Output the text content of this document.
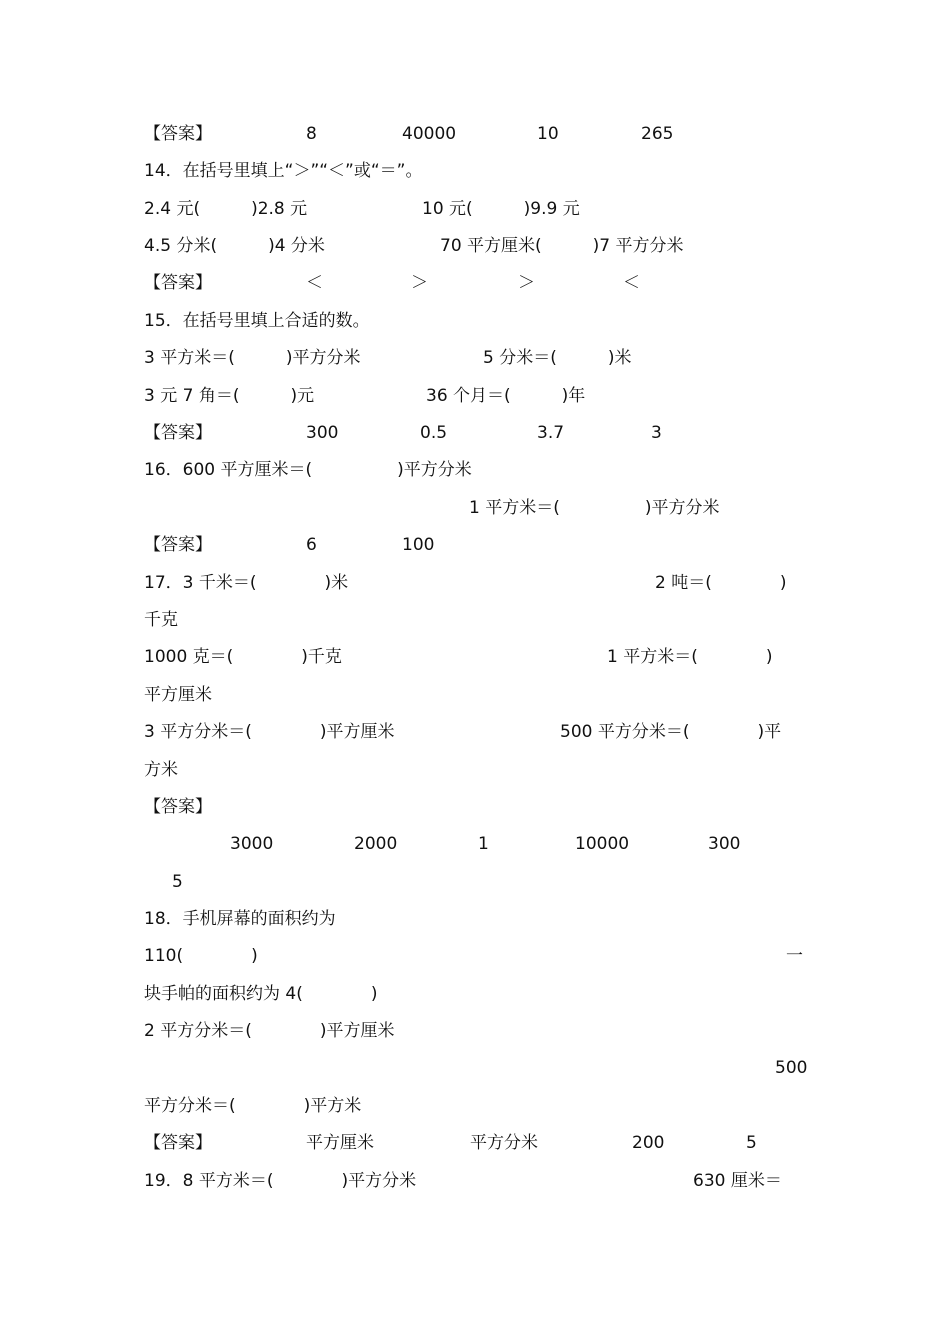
【答案】	8	40000	10	265
14．在括号里填上“＞”“＜”或“＝”。
2.4 元(　　　)2.8 元	10 元(　　　)9.9 元
4.5 分米(　　　)4 分米	70 平方厘米(　　　)7 平方分米
【答案】	＜	＞	＞	＜
15．在括号里填上合适的数。
3 平方米＝(　　　)平方分米	5 分米＝(　　　)米
3 元 7 角＝(　　　)元	36 个月＝(　　　)年
【答案】	300	0.5	3.7	3
16．600 平方厘米＝(　　　　　)平方分米
1 平方米＝(　　　　　)平方分米
【答案】	6	100
17．3 千米＝(　　　　)米	2 吨＝(　　　　)
千克
1000 克＝(　　　　)千克	1 平方米＝(　　　　)
平方厘米
3 平方分米＝(　　　　)平方厘米	500 平方分米＝(　　　　)平
方米
【答案】
3000	2000	1	10000	300
5
18．手机屏幕的面积约为
110(　　　　)	一
块手帕的面积约为 4(　　　　)
2 平方分米＝(　　　　)平方厘米
500
平方分米＝(　　　　)平方米
【答案】	平方厘米	平方分米	200	5
19．8 平方米＝(　　　　)平方分米	630 厘米＝
